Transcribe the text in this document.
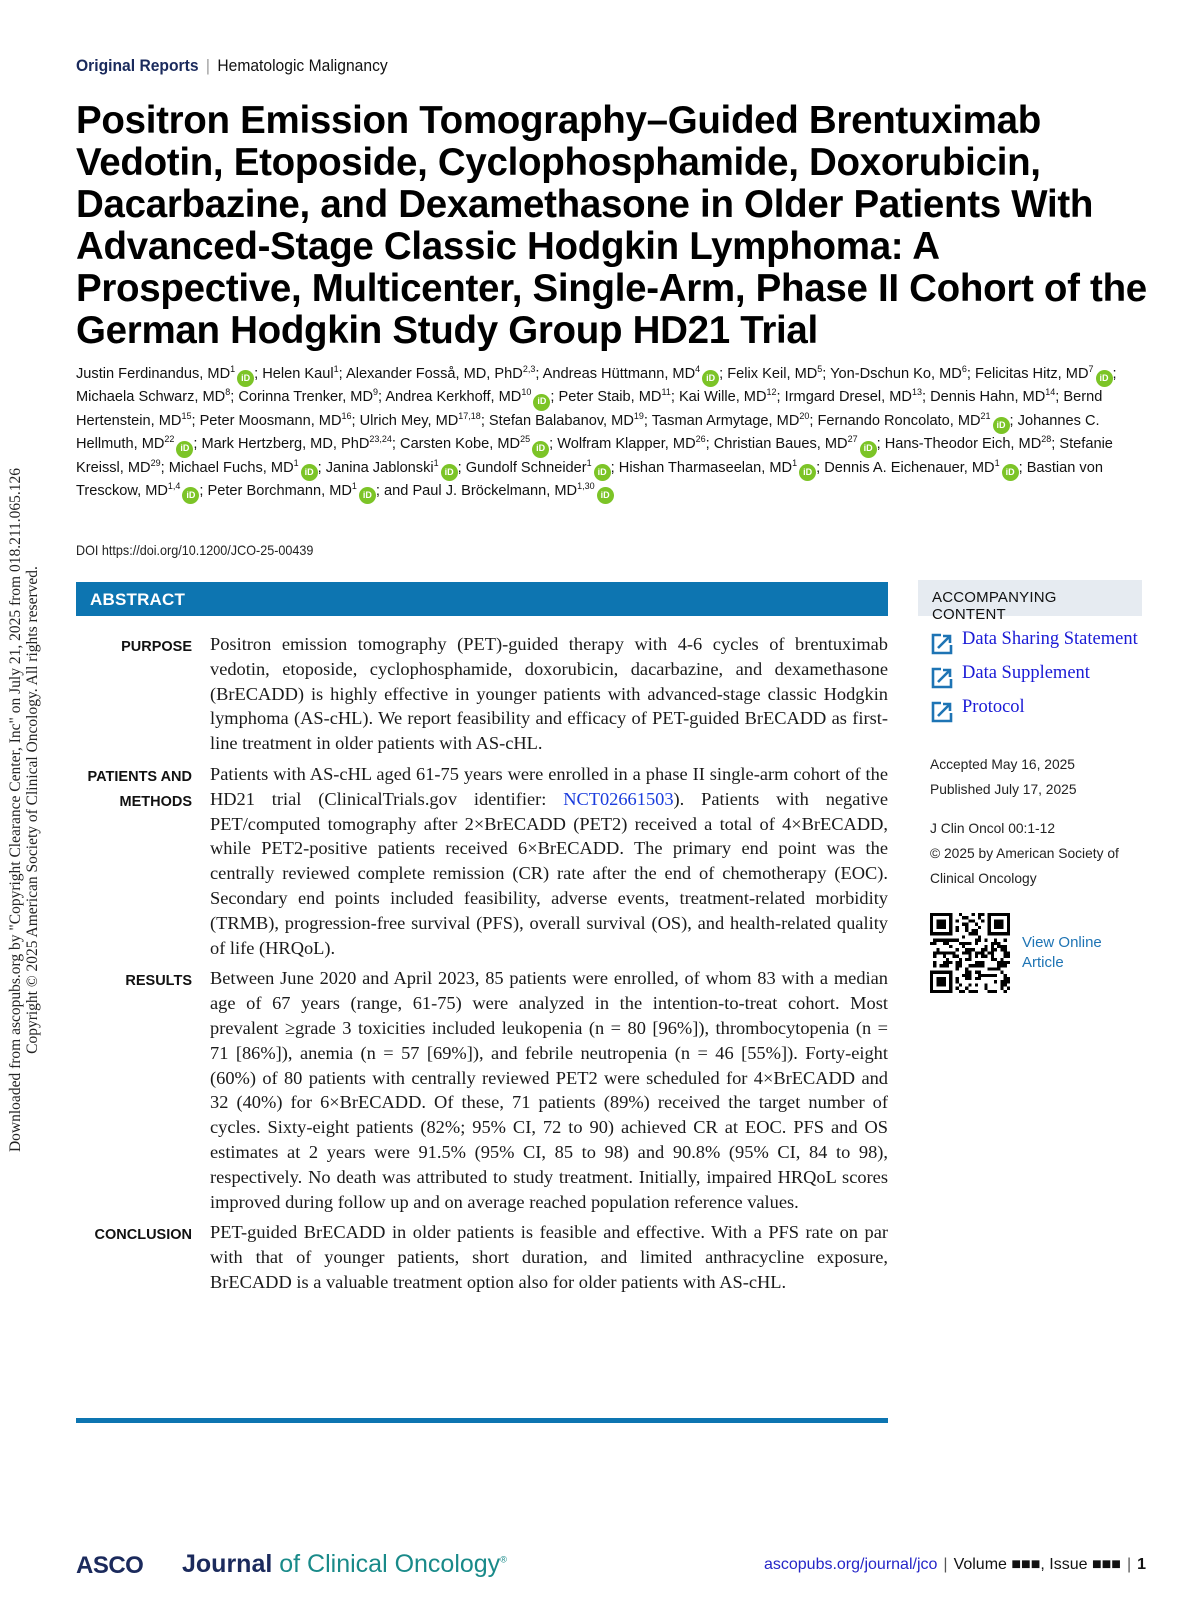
Downloaded from ascopubs.org by "Copyright Clearance Center, Inc" on July 21, 2025 from 018.211.065.126 Copyright © 2025 American Society of Clinical Oncology. All rights reserved.
Original Reports | Hematologic Malignancy
Positron Emission Tomography–Guided Brentuximab Vedotin, Etoposide, Cyclophosphamide, Doxorubicin, Dacarbazine, and Dexamethasone in Older Patients With Advanced-Stage Classic Hodgkin Lymphoma: A Prospective, Multicenter, Single-Arm, Phase II Cohort of the German Hodgkin Study Group HD21 Trial
Justin Ferdinandus, $MD^1iD$ ; Helen Kaul$^1$; Alexander Fosså, MD, PhD$^{2,3}$; Andreas Hüttmann, $MD^4iD$ ; Felix Keil, $MD^5$; Yon-Dschun Ko, $MD^6$; Felicitas Hitz, $MD^7iD$ ; Michaela Schwarz, $MD^8$; Corinna Trenker, $MD^9$; Andrea Kerkhoff, MD$^{10}$iD ; Peter Staib, MD$^{11}$; Kai Wille, MD$^{12}$; Irmgard Dresel, MD$^{13}$; Dennis Hahn, MD$^{14}$; Bernd Hertenstein, MD$^{15}$; Peter Moosmann, MD$^{16}$; Ulrich Mey, MD$^{17,18}$; Stefan Balabanov, MD$^{19}$; Tasman Armytage, MD$^{20}$; Fernando Roncolato, MD$^{21}$iD ; Johannes C. Hellmuth, MD$^{22}$iD ; Mark Hertzberg, MD, PhD$^{23,24}$; Carsten Kobe, MD$^{25}$iD ; Wolfram Klapper, MD$^{26}$; Christian Baues, MD$^{27}$iD ; Hans-Theodor Eich, MD$^{28}$; Stefanie Kreissl, MD$^{29}$; Michael Fuchs, $MD^1iD$ ; Janina Jablonski$^1$iD ; Gundolf Schneider$^1$iD ; Hishan Tharmaseelan, $MD^1iD$ ; Dennis A. Eichenauer, $MD^1iD$ ; Bastian von Tresckow, MD$^{1,4}$iD ; Peter Borchmann, $MD^1iD$ ; and Paul J. Bröckelmann, MD$^{1,30}$iD
DOI https://doi.org/10.1200/JCO-25-00439
ABSTRACT
PURPOSE Positron emission tomography (PET)-guided therapy with 4-6 cycles of brentuximab vedotin, etoposide, cyclophosphamide, doxorubicin, dacarbazine, and dexamethasone (BrECADD) is highly effective in younger patients with advanced-stage classic Hodgkin lymphoma (AS-cHL). We report feasibility and efficacy of PET-guided BrECADD as first-line treatment in older patients with AS-cHL.
PATIENTS AND METHODS
Patients with AS-cHL aged 61-75 years were enrolled in a phase II single-arm cohort of the HD21 trial (ClinicalTrials.gov identifier: NCT02661503). Patients with negative PET/computed tomography after 2×BrECADD (PET2) received a total of 4×BrECADD, while PET2-positive patients received 6×BrECADD. The primary end point was the centrally reviewed complete remission (CR) rate after the end of chemotherapy (EOC). Secondary end points included feasibility, adverse events, treatment-related morbidity (TRMB), progression-free survival (PFS), overall survival (OS), and health-related quality of life (HRQoL).
RESULTS Between June 2020 and April 2023, 85 patients were enrolled, of whom 83 with a median age of 67 years (range, 61-75) were analyzed in the intention-to-treat cohort. Most prevalent ≥grade 3 toxicities included leukopenia (n = 80 [96%]), thrombocytopenia (n = 71 [86%]), anemia (n = 57 [69%]), and febrile neutropenia (n = 46 [55%]). Forty-eight (60%) of 80 patients with centrally reviewed PET2 were scheduled for 4×BrECADD and 32 (40%) for 6×BrECADD. Of these, 71 patients (89%) received the target number of cycles. Sixty-eight patients (82%; 95% CI, 72 to 90) achieved CR at EOC. PFS and OS estimates at 2 years were 91.5% (95% CI, 85 to 98) and 90.8% (95% CI, 84 to 98), respectively. No death was attributed to study treatment. Initially, impaired HRQoL scores improved during follow up and on average reached population reference values.
CONCLUSION PET-guided BrECADD in older patients is feasible and effective. With a PFS rate on par with that of younger patients, short duration, and limited anthracycline exposure, BrECADD is a valuable treatment option also for older patients with AS-cHL.
ACCOMPANYING CONTENT
Data Sharing Statement
Data Supplement
Protocol
Accepted May 16, 2025
Published July 17, 2025
J Clin Oncol 00:1-12
© 2025 by American Society of Clinical Oncology
View Online Article
ASCO Journal of Clinical Oncology®	ascopubs.org/journal/jco | Volume ■■■, Issue ■■■ | 1
